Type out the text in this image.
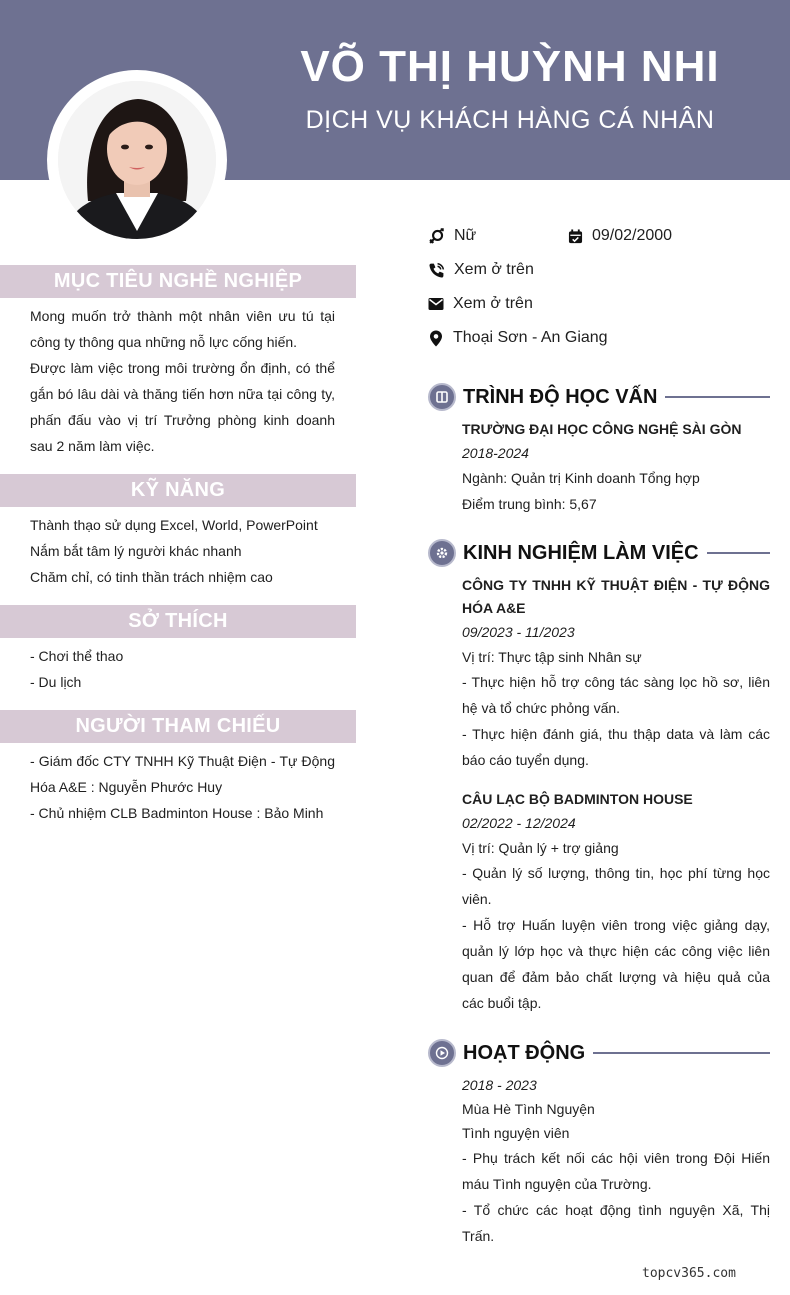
VÕ THỊ HUỲNH NHI
DỊCH VỤ KHÁCH HÀNG CÁ NHÂN
MỤC TIÊU NGHỀ NGHIỆP

Mong muốn trở thành một nhân viên ưu tú tại công ty thông qua những nỗ lực cống hiến.

Được làm việc trong môi trường ổn định, có thể gắn bó lâu dài và thăng tiến hơn nữa tại công ty, phấn đấu vào vị trí Trưởng phòng kinh doanh sau 2 năm làm việc.

KỸ NĂNG

Thành thạo sử dụng Excel, World, PowerPoint

Nắm bắt tâm lý người khác nhanh

Chăm chỉ, có tinh thần trách nhiệm cao

SỞ THÍCH

- Chơi thể thao

- Du lịch

NGƯỜI THAM CHIẾU

- Giám đốc CTY TNHH Kỹ Thuật Điện - Tự Động Hóa A&E : Nguyễn Phước Huy

- Chủ nhiệm CLB Badminton House : Bảo Minh

Nữ	09/02/2000
Xem ở trên
Xem ở trên
Thoại Sơn - An Giang
TRÌNH ĐỘ HỌC VẤN

TRƯỜNG ĐẠI HỌC CÔNG NGHỆ SÀI GÒN

2018-2024

Ngành: Quản trị Kinh doanh Tổng hợp

Điểm trung bình: 5,67

KINH NGHIỆM LÀM VIỆC

CÔNG TY TNHH KỸ THUẬT ĐIỆN - TỰ ĐỘNG HÓA A&E

09/2023 - 11/2023

Vị trí: Thực tập sinh Nhân sự

- Thực hiện hỗ trợ công tác sàng lọc hồ sơ, liên hệ và tổ chức phỏng vấn.

- Thực hiện đánh giá, thu thập data và làm các báo cáo tuyển dụng.

CÂU LẠC BỘ BADMINTON HOUSE

02/2022 - 12/2024

Vị trí: Quản lý + trợ giảng

- Quản lý số lượng, thông tin, học phí từng học viên.

- Hỗ trợ Huấn luyện viên trong việc giảng dạy, quản lý lớp học và thực hiện các công việc liên quan để đảm bảo chất lượng và hiệu quả của các buổi tập.

HOẠT ĐỘNG

2018 - 2023

Mùa Hè Tình Nguyện

Tình nguyện viên

- Phụ trách kết nối các hội viên trong Đội Hiến máu Tình nguyện của Trường.

- Tổ chức các hoạt động tình nguyện Xã, Thị Trấn.

topcv365.com
